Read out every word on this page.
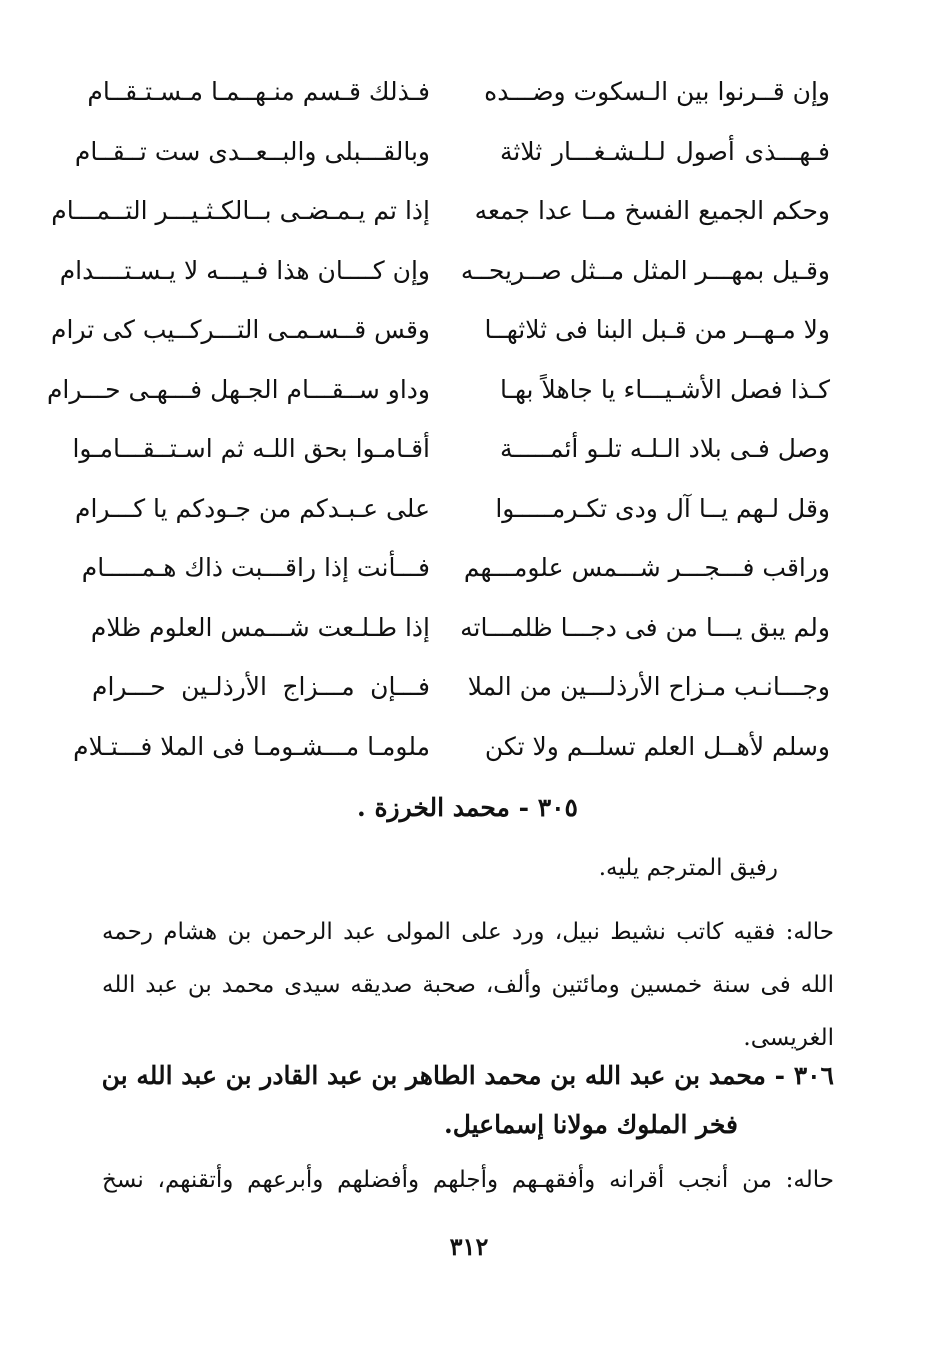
وإن قــرنوا بين الـسكوت وضـــده
فـهـــذى أصول لـلـشـغـــار ثلاثة
وحكم الجميع الفسخ مــا عدا جمعه
وقـيل بمهـــر المثل مــثل صــريحــه
ولا مـهــر من قـبل البنا فى ثلاثهــا
كـذا فصل الأشـيـــاء يا جاهلاً بهـا
وصل فـى بلاد الـلـه تلـو أئمـــــة
وقل لـهم يــا آل ودى تكـرمـــــوا
وراقب فـــجـــر شـــمس علومـــهم
ولم يبق يـــا من فى دجـــا ظلمـــاته
وجـــانـب مـزاح الأرذلـــين من الملا
وسلم لأهــل العلم تسلــم ولا تكن
فـذلك قـسم منـهــمـا مـسـتـقــام
وبالقـــبلى والبــعــدى ست تــقــام
إذا تم يـمـضـى بــالكـثـيـــر التــمـــام
وإن كــــان هذا فـيـــه لا يـسـتــــدام
وقس قــسـمـى التـــركــيب كى ترام
وداو ســقـــام الجـهل فـــهـى حـــرام
أقـامـوا بحق اللـه ثم اسـتــقـــامـوا
على عـبـدكم من جـودكم يا كـــرام
فـــأنت إذا راقـــبت ذاك هـمـــــام
إذا طـلـعت شـــمس العلوم ظلام
فـــإن مـــزاج الأرذلـين حـــرام
ملومـا مـــشـومـا فى الملا فـــتـلام
٣٠٥ - محمد الخرزة .
رفيق المترجم يليه.
حاله: فقيه كاتب نشيط نبيل، ورد على المولى عبد الرحمن بن هشام رحمه الله فى سنة خمسين ومائتين وألف، صحبة صديقه سيدى محمد بن عبد الله الغريسى.
٣٠٦ - محمد بن عبد الله بن محمد الطاهر بن عبد القادر بن عبد الله بن
فخر الملوك مولانا إسماعيل.
حاله: من أنجب أقرانه وأفقهـهم وأجلهم وأفضلهم وأبرعهم وأتقنهم، نسخ
٣١٢
